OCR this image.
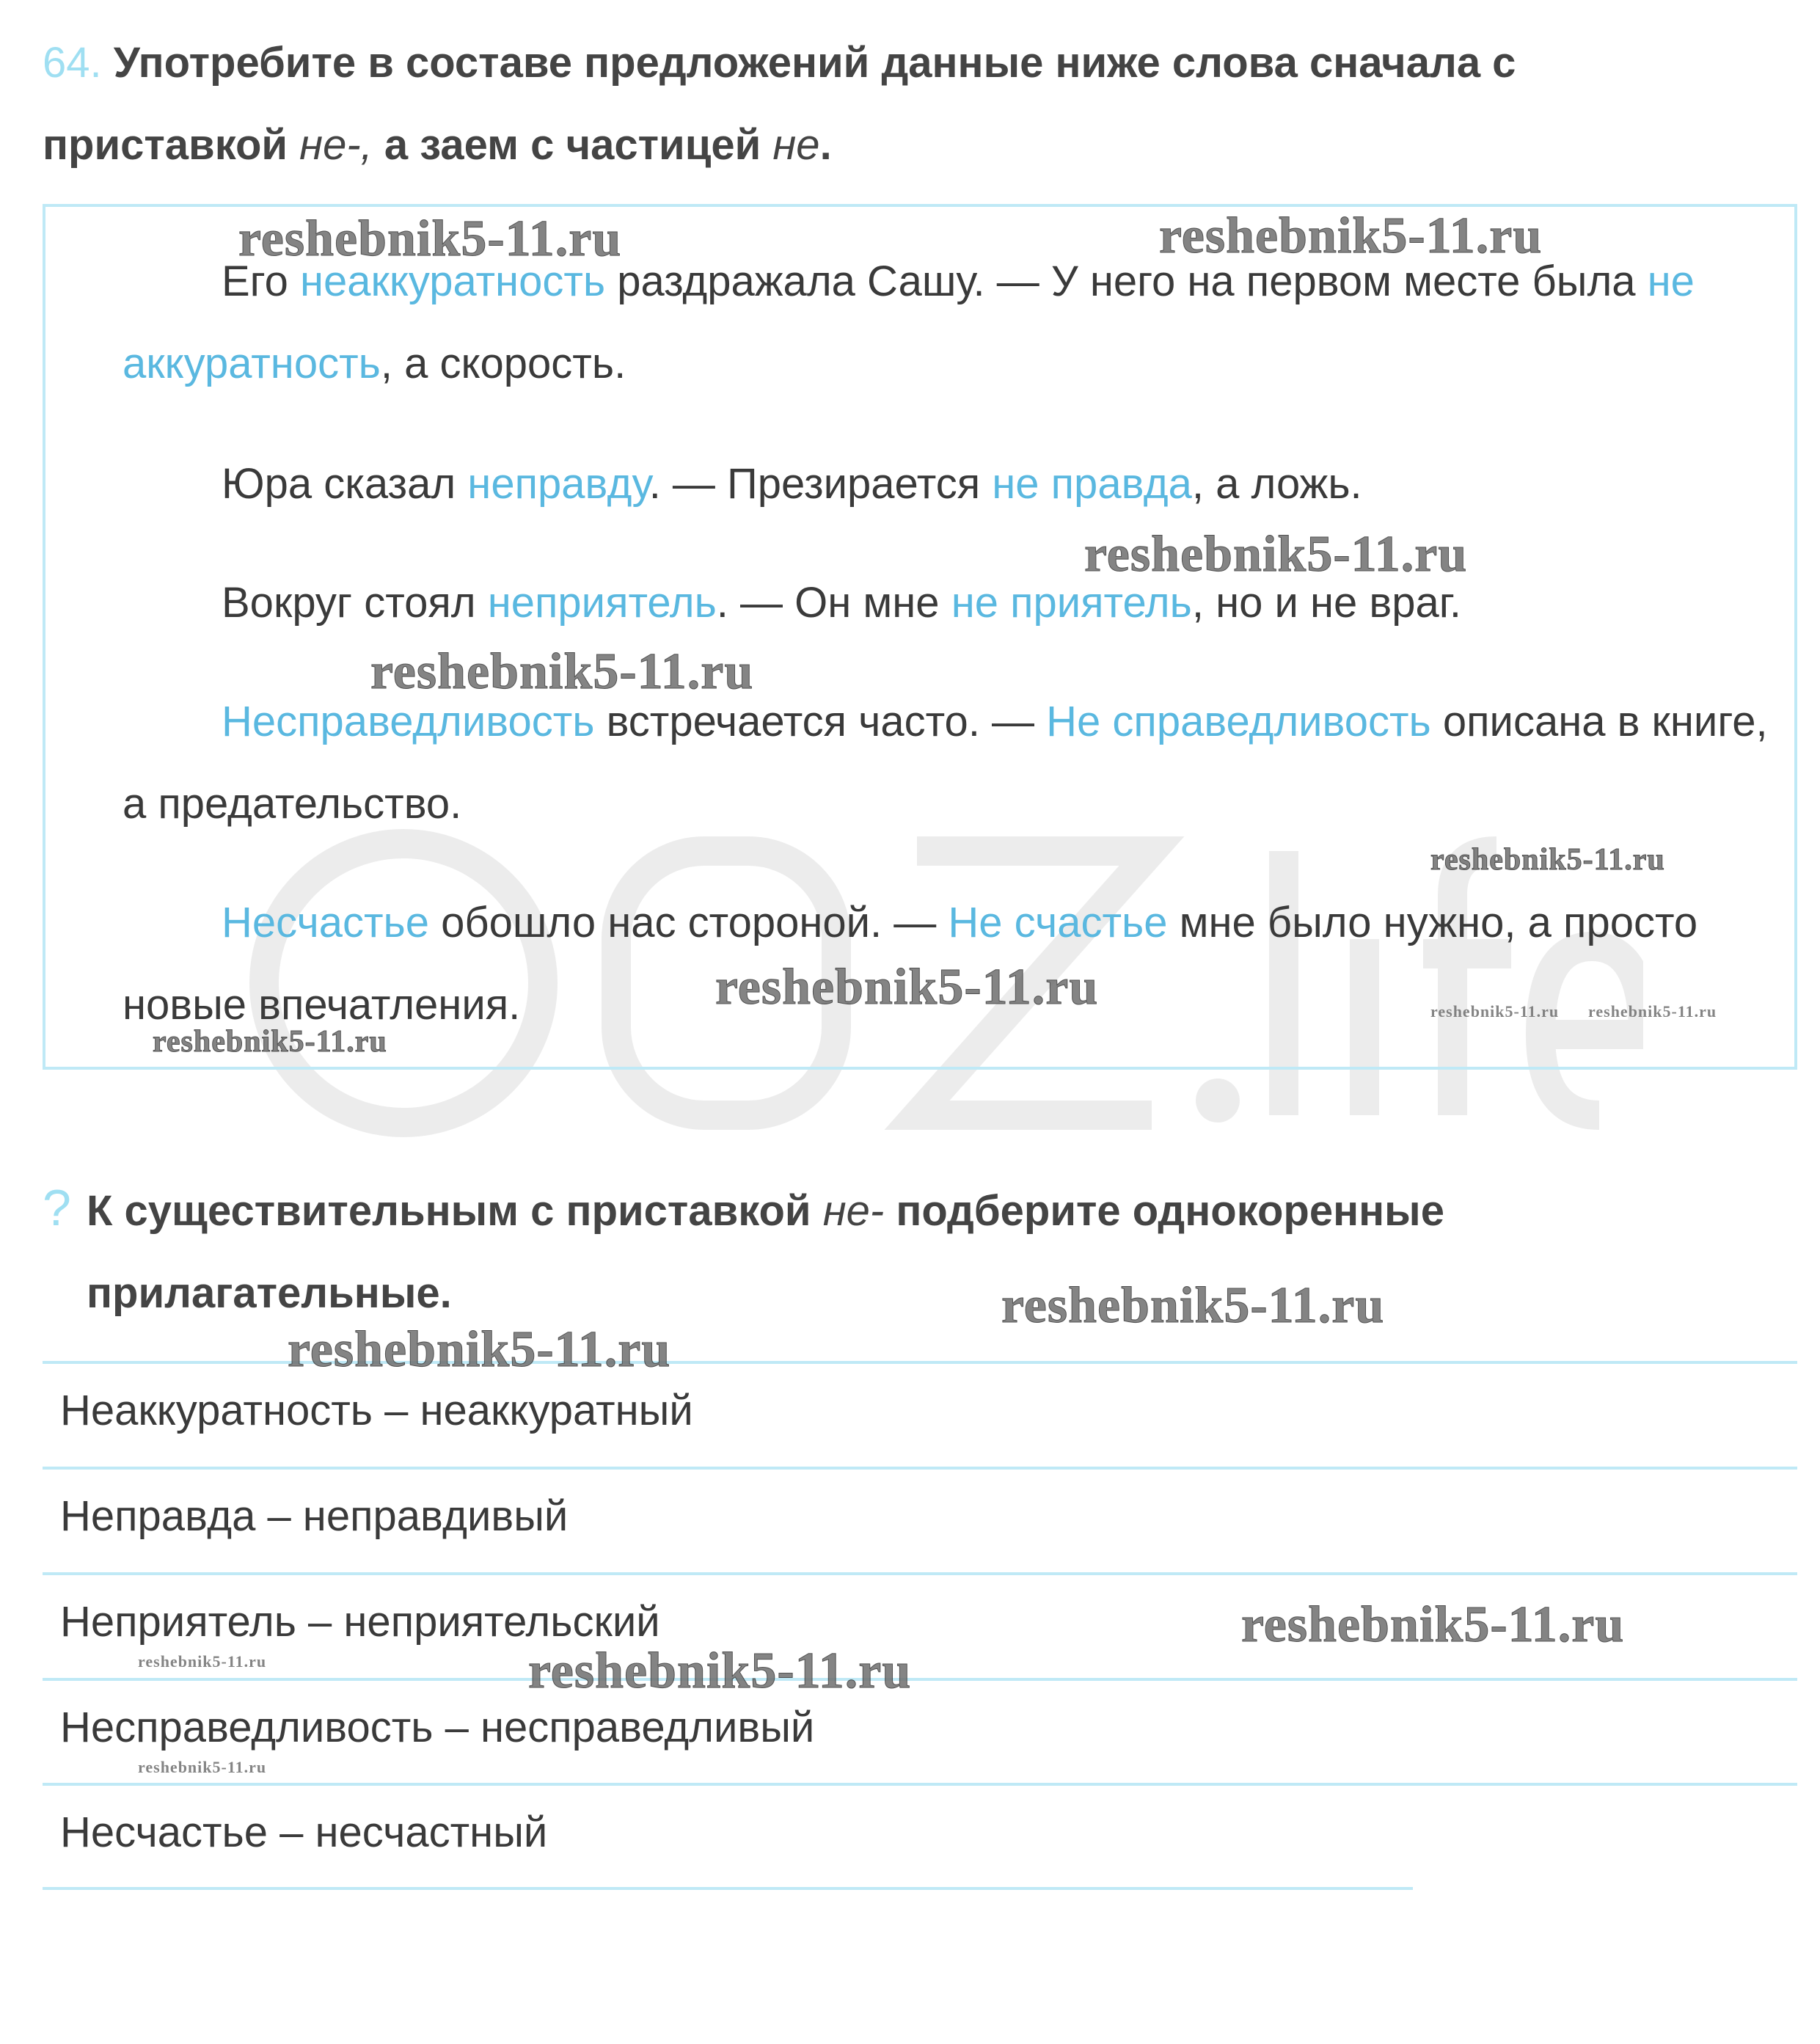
64. Употребите в составе предложений данные ниже слова сначала с приставкой не-, а заем с частицей не.
Его неаккуратность раздражала Сашу. — У него на первом месте была не аккуратность, а скорость.
Юра сказал неправду. — Презирается не правда, а ложь.
Вокруг стоял неприятель. — Он мне не приятель, но и не враг.
Несправедливость встречается часто. — Не справедливость описана в книге, а предательство.
Несчастье обошло нас стороной. — Не счастье мне было нужно, а просто новые впечатления.
? К существительным с приставкой не- подберите однокоренные
прилагательные.
Неаккуратность – неаккуратный
Неправда – неправдивый
Неприятель – неприятельский
Несправедливость – несправедливый
Несчастье – несчастный
reshebnik5-11.ru	reshebnik5-11.ru
reshebnik5-11.ru
reshebnik5-11.ru
reshebnik5-11.ru
reshebnik5-11.ru
reshebnik5-11.ru
reshebnik5-11.ru reshebnik5-11.ru
reshebnik5-11.ru
reshebnik5-11.ru
reshebnik5-11.ru
reshebnik5-11.ru
reshebnik5-11.ru
reshebnik5-11.ru
